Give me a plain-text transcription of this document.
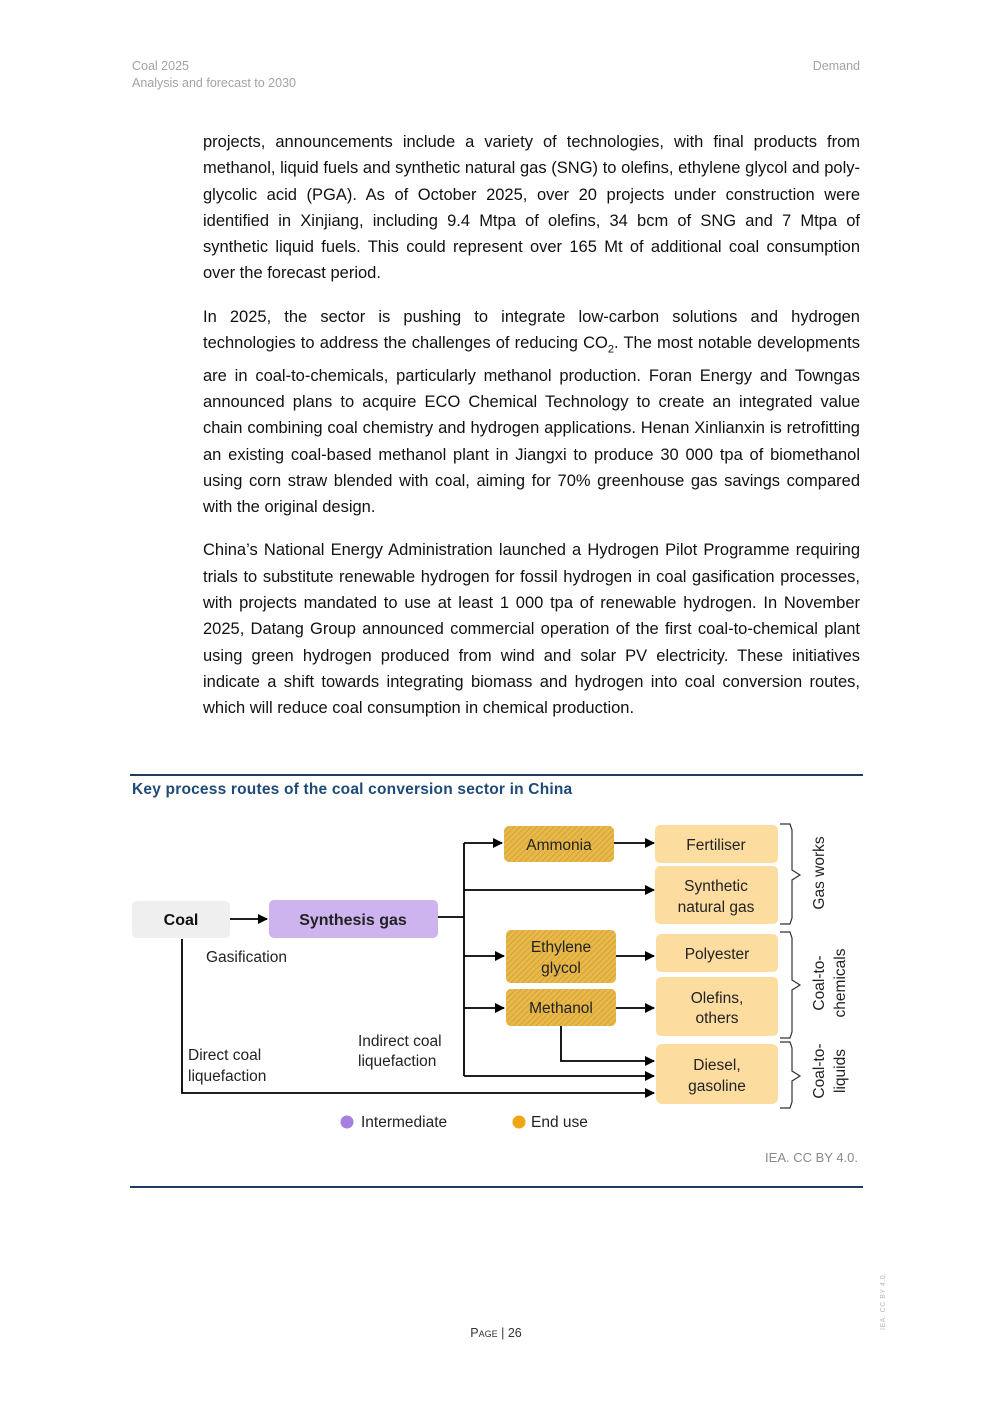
Coal 2025
Analysis and forecast to 2030
Demand

projects, announcements include a variety of technologies, with final products from methanol, liquid fuels and synthetic natural gas (SNG) to olefins, ethylene glycol and poly-glycolic acid (PGA). As of October 2025, over 20 projects under construction were identified in Xinjiang, including 9.4 Mtpa of olefins, 34 bcm of SNG and 7 Mtpa of synthetic liquid fuels. This could represent over 165 Mt of additional coal consumption over the forecast period.

In 2025, the sector is pushing to integrate low-carbon solutions and hydrogen technologies to address the challenges of reducing $CO_2$. The most notable developments are in coal-to-chemicals, particularly methanol production. Foran Energy and Towngas announced plans to acquire ECO Chemical Technology to create an integrated value chain combining coal chemistry and hydrogen applications. Henan Xinlianxin is retrofitting an existing coal-based methanol plant in Jiangxi to produce 30 000 tpa of biomethanol using corn straw blended with coal, aiming for 70% greenhouse gas savings compared with the original design.

China’s National Energy Administration launched a Hydrogen Pilot Programme requiring trials to substitute renewable hydrogen for fossil hydrogen in coal gasification processes, with projects mandated to use at least 1 000 tpa of renewable hydrogen. In November 2025, Datang Group announced commercial operation of the first coal-to-chemical plant using green hydrogen produced from wind and solar PV electricity. These initiatives indicate a shift towards integrating biomass and hydrogen into coal conversion routes, which will reduce coal consumption in chemical production.

Key process routes of the coal conversion sector in China
Coal	Synthesis gas
Ammonia
Ethylene
glycol
Methanol
Fertiliser
Synthetic
natural gas
Polyester
Olefins,
others
Diesel,
gasoline
Gasification
Direct coal
liquefaction
Indirect coal
liquefaction
Gas works
Coal-to- chemicals
Coal-to- liquids
Intermediate	End use
IEA. CC BY 4.0.
Page | 26
IEA. CC BY 4.0.
